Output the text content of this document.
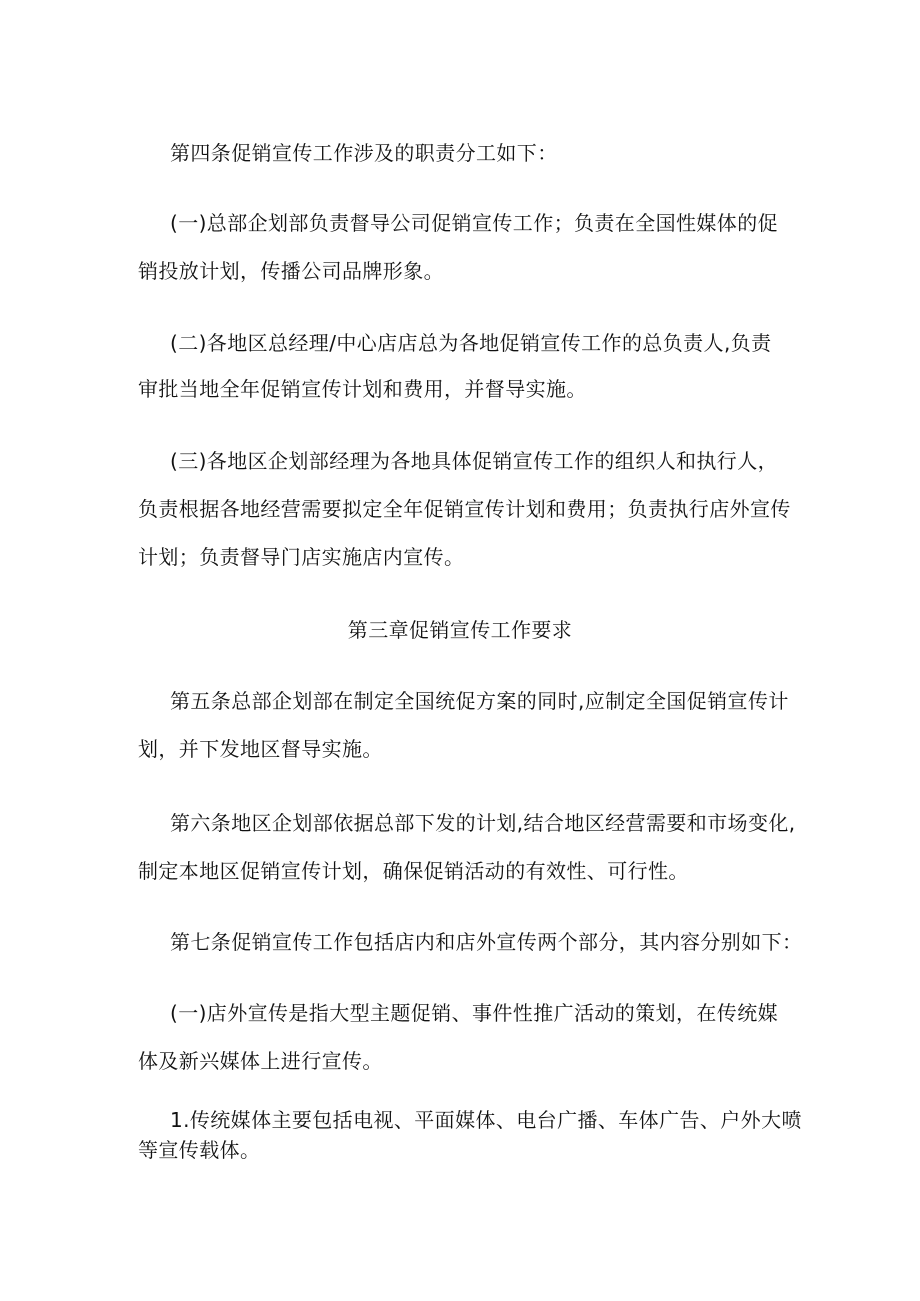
第四条促销宣传工作涉及的职责分工如下：
(一)总部企划部负责督导公司促销宣传工作；负责在全国性媒体的促
销投放计划，传播公司品牌形象。
(二)各地区总经理/中心店店总为各地促销宣传工作的总负责人,负责
审批当地全年促销宣传计划和费用，并督导实施。
(三)各地区企划部经理为各地具体促销宣传工作的组织人和执行人，
负责根据各地经营需要拟定全年促销宣传计划和费用；负责执行店外宣传
计划；负责督导门店实施店内宣传。
第三章促销宣传工作要求
第五条总部企划部在制定全国统促方案的同时,应制定全国促销宣传计
划，并下发地区督导实施。
第六条地区企划部依据总部下发的计划,结合地区经营需要和市场变化,
制定本地区促销宣传计划，确保促销活动的有效性、可行性。
第七条促销宣传工作包括店内和店外宣传两个部分，其内容分别如下：
(一)店外宣传是指大型主题促销、事件性推广活动的策划，在传统媒
体及新兴媒体上进行宣传。
1.传统媒体主要包括电视、平面媒体、电台广播、车体广告、户外大喷
等宣传载体。
